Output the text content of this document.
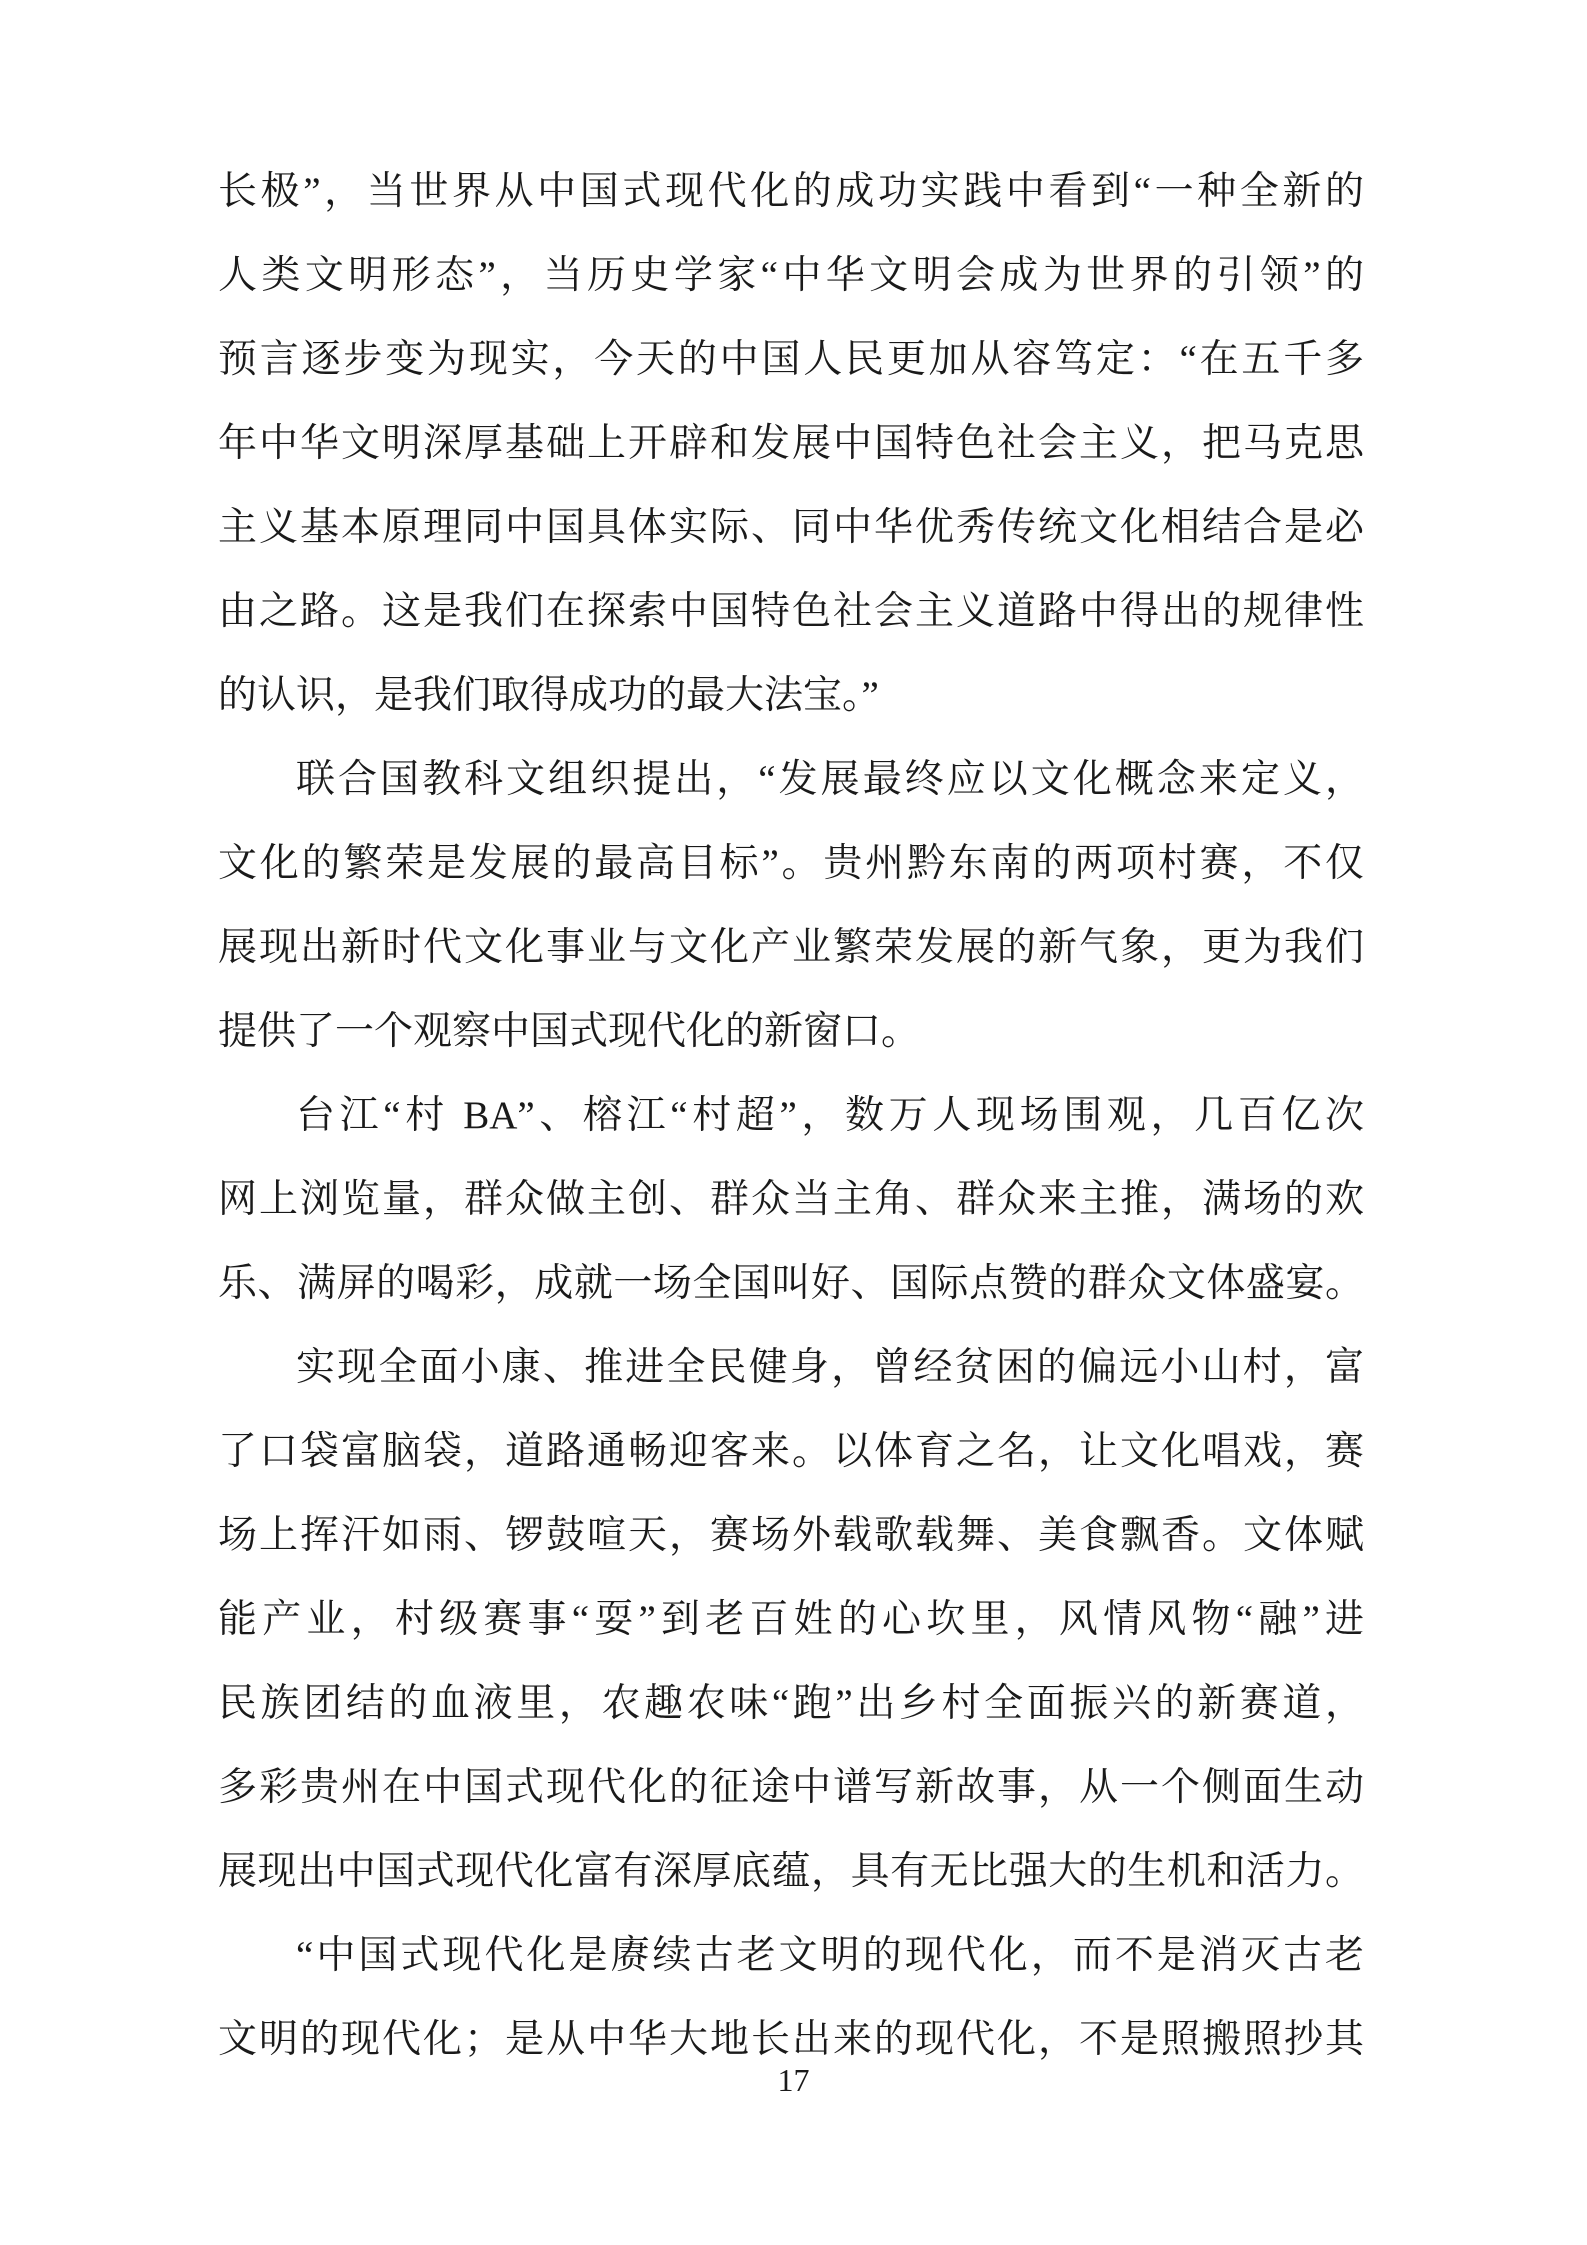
长极”，当世界从中国式现代化的成功实践中看到“一种全新的
人类文明形态”，当历史学家“中华文明会成为世界的引领”的
预言逐步变为现实，今天的中国人民更加从容笃定：“在五千多
年中华文明深厚基础上开辟和发展中国特色社会主义，把马克思
主义基本原理同中国具体实际、同中华优秀传统文化相结合是必
由之路。这是我们在探索中国特色社会主义道路中得出的规律性
的认识，是我们取得成功的最大法宝。”
联合国教科文组织提出，“发展最终应以文化概念来定义，
文化的繁荣是发展的最高目标”。贵州黔东南的两项村赛，不仅
展现出新时代文化事业与文化产业繁荣发展的新气象，更为我们
提供了一个观察中国式现代化的新窗口。
台江“村 BA”、榕江“村超”，数万人现场围观，几百亿次
网上浏览量，群众做主创、群众当主角、群众来主推，满场的欢
乐、满屏的喝彩，成就一场全国叫好、国际点赞的群众文体盛宴。
实现全面小康、推进全民健身，曾经贫困的偏远小山村，富
了口袋富脑袋，道路通畅迎客来。以体育之名，让文化唱戏，赛
场上挥汗如雨、锣鼓喧天，赛场外载歌载舞、美食飘香。文体赋
能产业，村级赛事“耍”到老百姓的心坎里，风情风物“融”进
民族团结的血液里，农趣农味“跑”出乡村全面振兴的新赛道，
多彩贵州在中国式现代化的征途中谱写新故事，从一个侧面生动
展现出中国式现代化富有深厚底蕴，具有无比强大的生机和活力。
“中国式现代化是赓续古老文明的现代化，而不是消灭古老
文明的现代化；是从中华大地长出来的现代化，不是照搬照抄其
17
